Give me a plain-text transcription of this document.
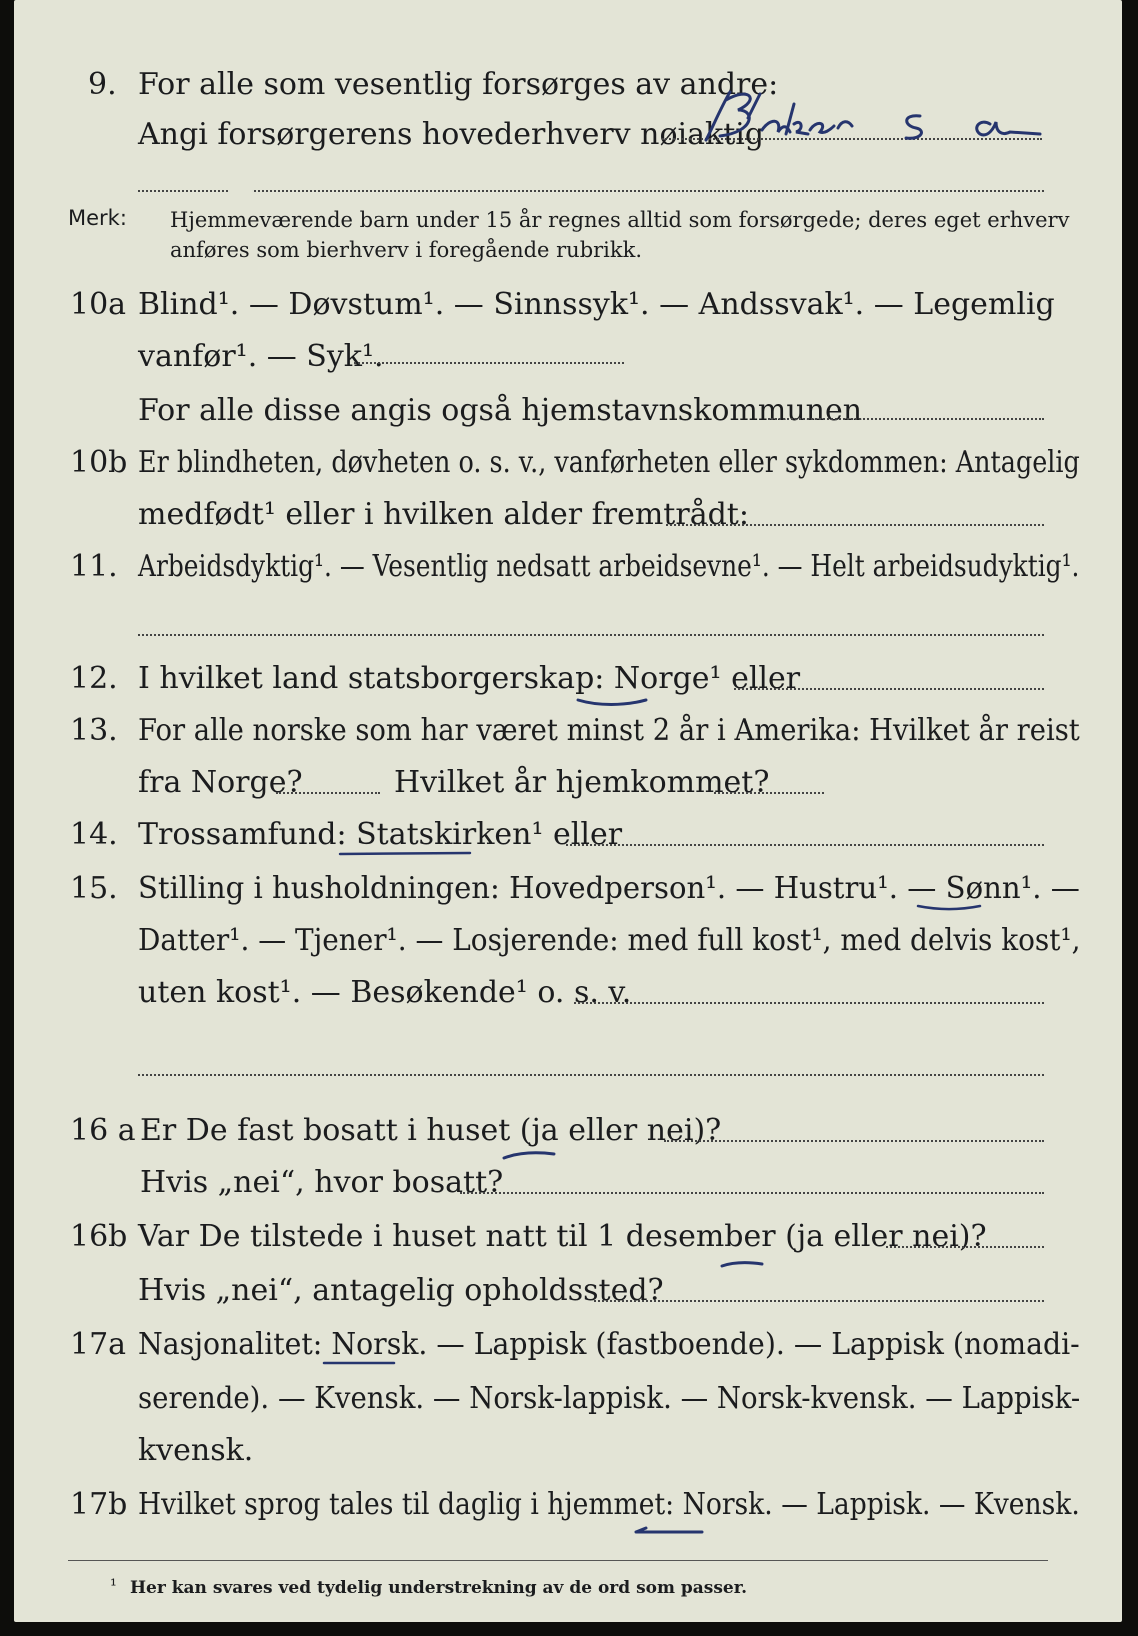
9. For alle som vesentlig forsørges av andre:
Angi forsørgerens hovederhverv nøiaktig
Merk: Hjemmeværende barn under 15 år regnes alltid som forsørgede; deres eget erhverv
anføres som bierhverv i foregående rubrikk.
10a Blind¹. — Døvstum¹. — Sinnssyk¹. — Andssvak¹. — Legemlig
vanfør¹. — Syk¹.
For alle disse angis også hjemstavnskommunen
10b Er blindheten, døvheten o. s. v., vanførheten eller sykdommen: Antagelig
medfødt¹ eller i hvilken alder fremtrådt:
11. Arbeidsdyktig¹. — Vesentlig nedsatt arbeidsevne¹. — Helt arbeidsudyktig¹.
12. I hvilket land statsborgerskap: Norge¹ eller
13. For alle norske som har været minst 2 år i Amerika: Hvilket år reist
fra Norge?	Hvilket år hjemkommet?
14. Trossamfund: Statskirken¹ eller
15. Stilling i husholdningen: Hovedperson¹. — Hustru¹. — Sønn¹. —
Datter¹. — Tjener¹. — Losjerende: med full kost¹, med delvis kost¹,
uten kost¹. — Besøkende¹ o. s. v.
16 a Er De fast bosatt i huset (ja eller nei)?
Hvis „nei“, hvor bosatt?
16b Var De tilstede i huset natt til 1 desember (ja eller nei)?
Hvis „nei“, antagelig opholdssted?
17a Nasjonalitet: Norsk. — Lappisk (fastboende). — Lappisk (nomadi-
serende). — Kvensk. — Norsk-lappisk. — Norsk-kvensk. — Lappisk-
kvensk.
17b Hvilket sprog tales til daglig i hjemmet: Norsk. — Lappisk. — Kvensk.
¹ Her kan svares ved tydelig understrekning av de ord som passer.
